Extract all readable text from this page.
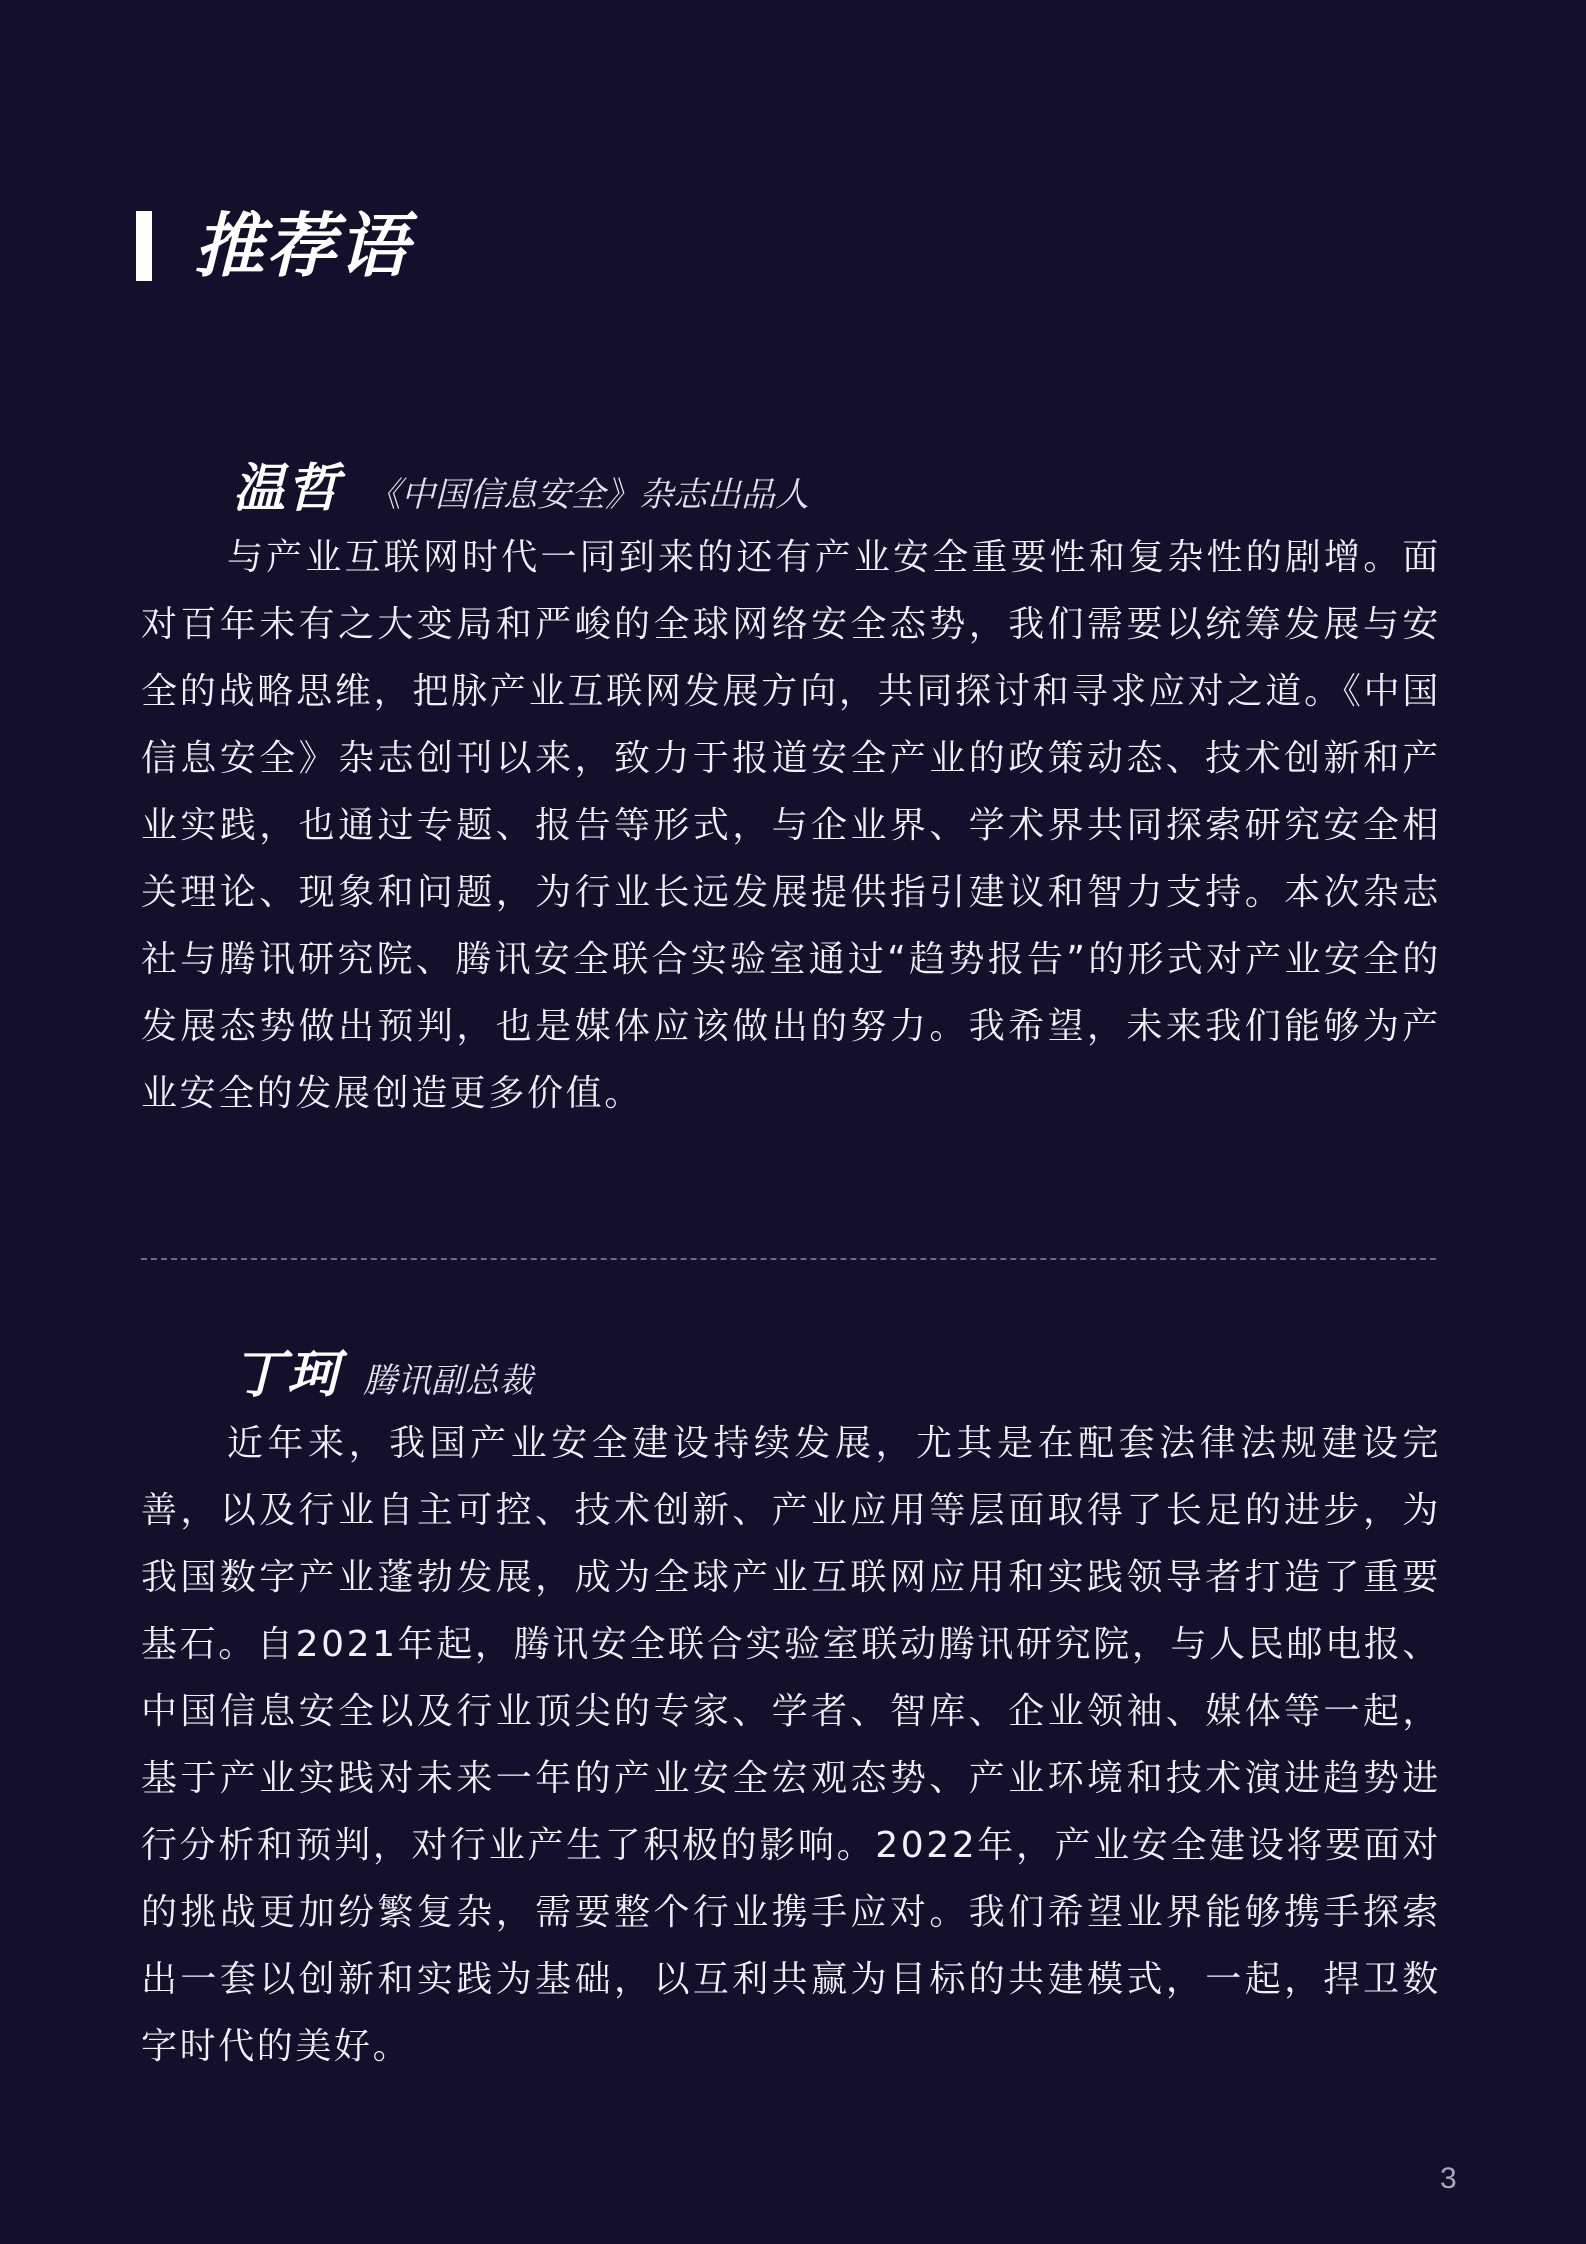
推荐语
温哲 《中国信息安全》杂志出品人

与产业互联网时代一同到来的还有产业安全重要性和复杂性的剧增。面对百年未有之大变局和严峻的全球网络安全态势，我们需要以统筹发展与安全的战略思维，把脉产业互联网发展方向，共同探讨和寻求应对之道。《中国信息安全》杂志创刊以来，致力于报道安全产业的政策动态、技术创新和产业实践，也通过专题、报告等形式，与企业界、学术界共同探索研究安全相关理论、现象和问题，为行业长远发展提供指引建议和智力支持。本次杂志社与腾讯研究院、腾讯安全联合实验室通过“趋势报告”的形式对产业安全的发展态势做出预判，也是媒体应该做出的努力。我希望，未来我们能够为产业安全的发展创造更多价值。

丁珂 腾讯副总裁

近年来，我国产业安全建设持续发展，尤其是在配套法律法规建设完善，以及行业自主可控、技术创新、产业应用等层面取得了长足的进步，为我国数字产业蓬勃发展，成为全球产业互联网应用和实践领导者打造了重要基石。自2021年起，腾讯安全联合实验室联动腾讯研究院，与人民邮电报、中国信息安全以及行业顶尖的专家、学者、智库、企业领袖、媒体等一起，基于产业实践对未来一年的产业安全宏观态势、产业环境和技术演进趋势进行分析和预判，对行业产生了积极的影响。2022年，产业安全建设将要面对的挑战更加纷繁复杂，需要整个行业携手应对。我们希望业界能够携手探索出一套以创新和实践为基础，以互利共赢为目标的共建模式，一起，捍卫数字时代的美好。

3
